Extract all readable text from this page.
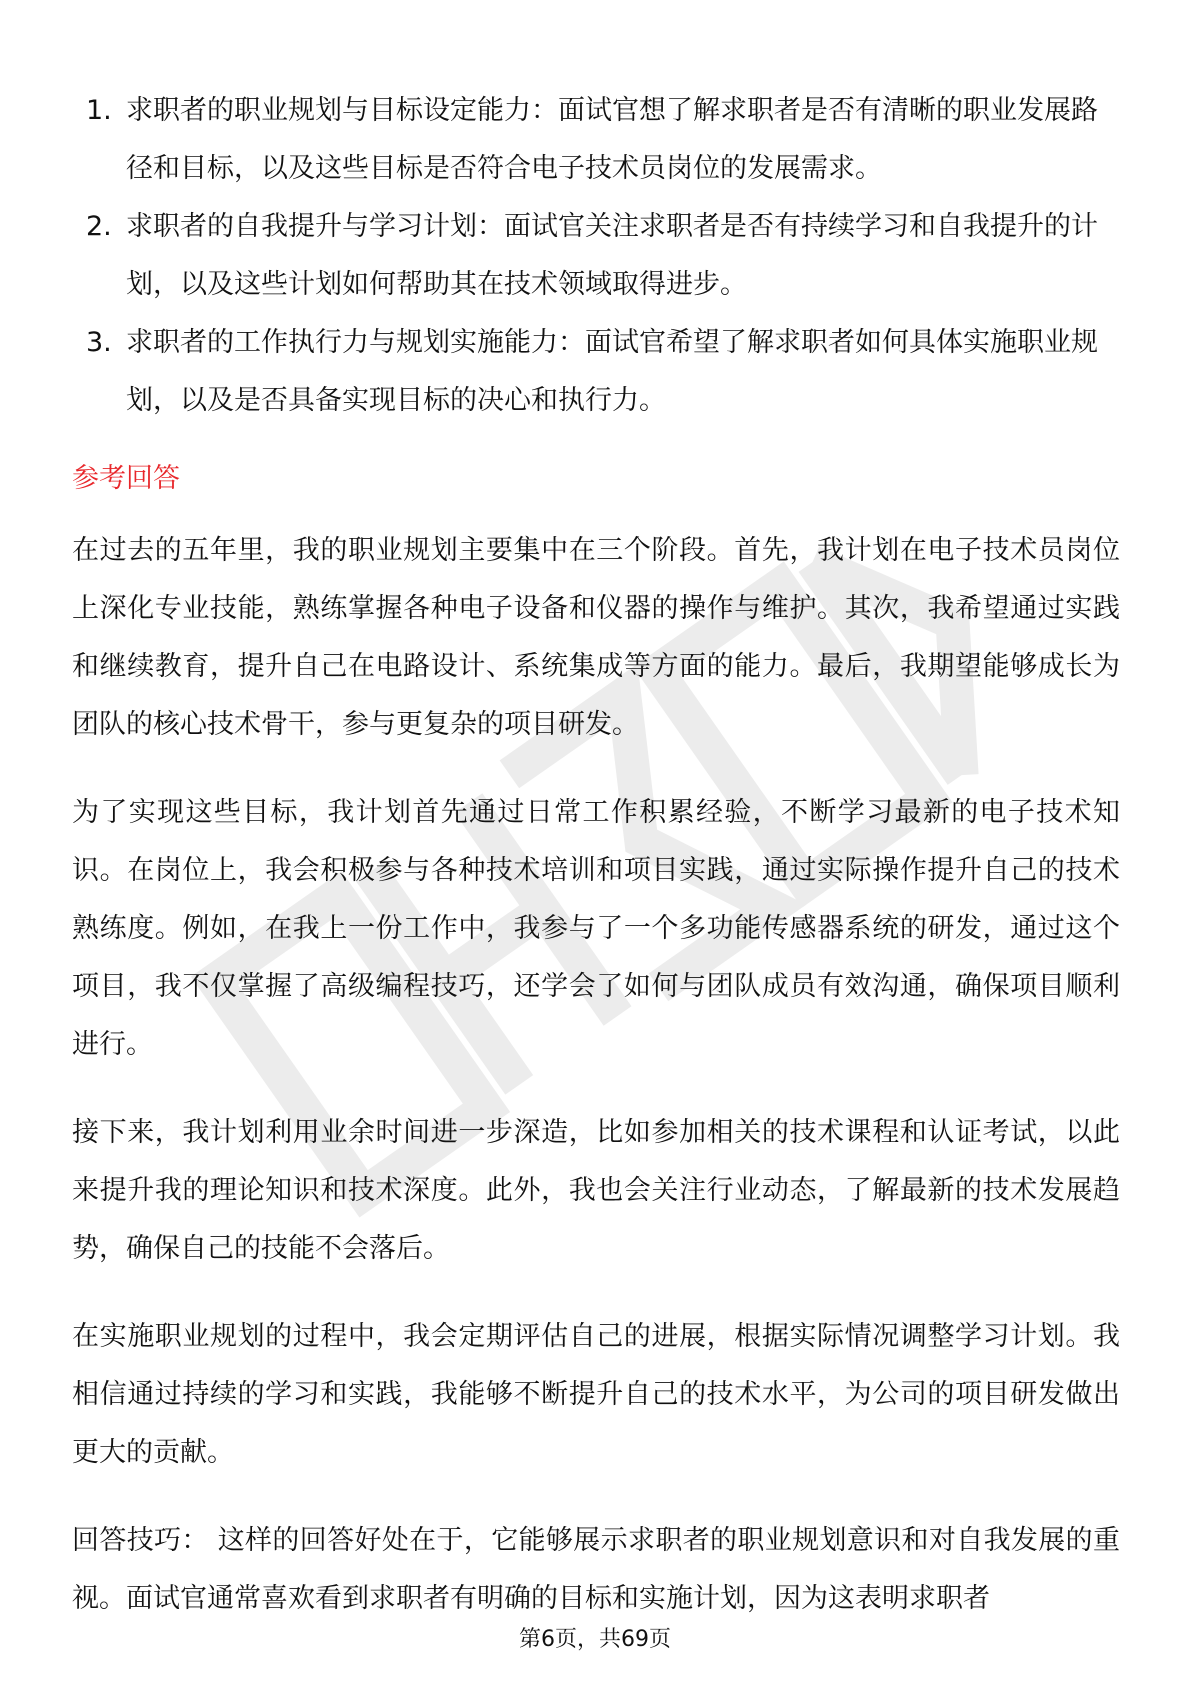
1. 求职者的职业规划与目标设定能力：面试官想了解求职者是否有清晰的职业发展路径和目标，以及这些目标是否符合电子技术员岗位的发展需求。
2. 求职者的自我提升与学习计划：面试官关注求职者是否有持续学习和自我提升的计划，以及这些计划如何帮助其在技术领域取得进步。
3. 求职者的工作执行力与规划实施能力：面试官希望了解求职者如何具体实施职业规划，以及是否具备实现目标的决心和执行力。
参考回答

在过去的五年里，我的职业规划主要集中在三个阶段。首先，我计划在电子技术员岗位上深化专业技能，熟练掌握各种电子设备和仪器的操作与维护。其次，我希望通过实践和继续教育，提升自己在电路设计、系统集成等方面的能力。最后，我期望能够成长为团队的核心技术骨干，参与更复杂的项目研发。

为了实现这些目标，我计划首先通过日常工作积累经验，不断学习最新的电子技术知识。在岗位上，我会积极参与各种技术培训和项目实践，通过实际操作提升自己的技术熟练度。例如，在我上一份工作中，我参与了一个多功能传感器系统的研发，通过这个项目，我不仅掌握了高级编程技巧，还学会了如何与团队成员有效沟通，确保项目顺利进行。

接下来，我计划利用业余时间进一步深造，比如参加相关的技术课程和认证考试，以此来提升我的理论知识和技术深度。此外，我也会关注行业动态，了解最新的技术发展趋势，确保自己的技能不会落后。

在实施职业规划的过程中，我会定期评估自己的进展，根据实际情况调整学习计划。我相信通过持续的学习和实践，我能够不断提升自己的技术水平，为公司的项目研发做出更大的贡献。

回答技巧： 这样的回答好处在于，它能够展示求职者的职业规划意识和对自我发展的重视。面试官通常喜欢看到求职者有明确的目标和实施计划，因为这表明求职者

第6页，共69页
